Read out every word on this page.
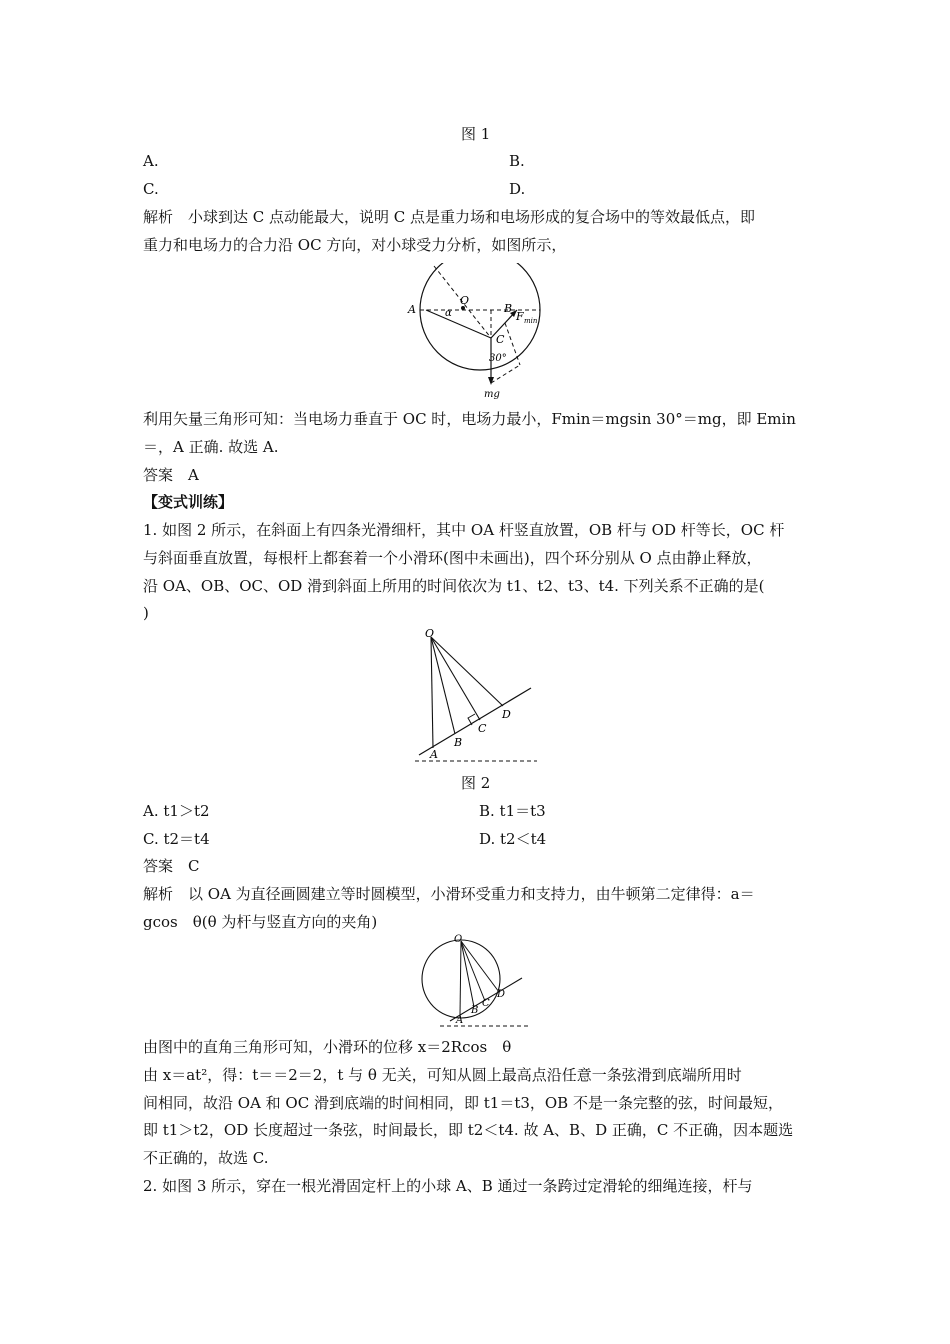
图 1
A.	B.
C.	D.
解析　小球到达 C 点动能最大，说明 C 点是重力场和电场形成的复合场中的等效最低点，即
重力和电场力的合力沿 OC 方向，对小球受力分析，如图所示，
A
O
B
α	F min
C
30°
mg
利用矢量三角形可知：当电场力垂直于 OC 时，电场力最小，Fmin＝mgsin 30°＝mg，即 Emin
＝，A 正确. 故选 A.
答案　A
【变式训练】
1. 如图 2 所示，在斜面上有四条光滑细杆，其中 OA 杆竖直放置，OB 杆与 OD 杆等长，OC 杆
与斜面垂直放置，每根杆上都套着一个小滑环(图中未画出)，四个环分别从 O 点由静止释放，
沿 OA、OB、OC、OD 滑到斜面上所用的时间依次为 t1、t2、t3、t4. 下列关系不正确的是(
)
O
A
B
C
D
图 2
A. t1＞t2	B. t1＝t3
C. t2＝t4	D. t2＜t4
答案　C
解析　以 OA 为直径画圆建立等时圆模型，小滑环受重力和支持力，由牛顿第二定律得：a＝
gcos　θ(θ 为杆与竖直方向的夹角)
O
A
B
C
D
由图中的直角三角形可知，小滑环的位移 x＝2Rcos　θ
由 x＝at²，得：t＝＝2＝2，t 与 θ 无关，可知从圆上最高点沿任意一条弦滑到底端所用时
间相同，故沿 OA 和 OC 滑到底端的时间相同，即 t1＝t3，OB 不是一条完整的弦，时间最短，
即 t1＞t2，OD 长度超过一条弦，时间最长，即 t2＜t4. 故 A、B、D 正确，C 不正确，因本题选
不正确的，故选 C.
2. 如图 3 所示，穿在一根光滑固定杆上的小球 A、B 通过一条跨过定滑轮的细绳连接，杆与
